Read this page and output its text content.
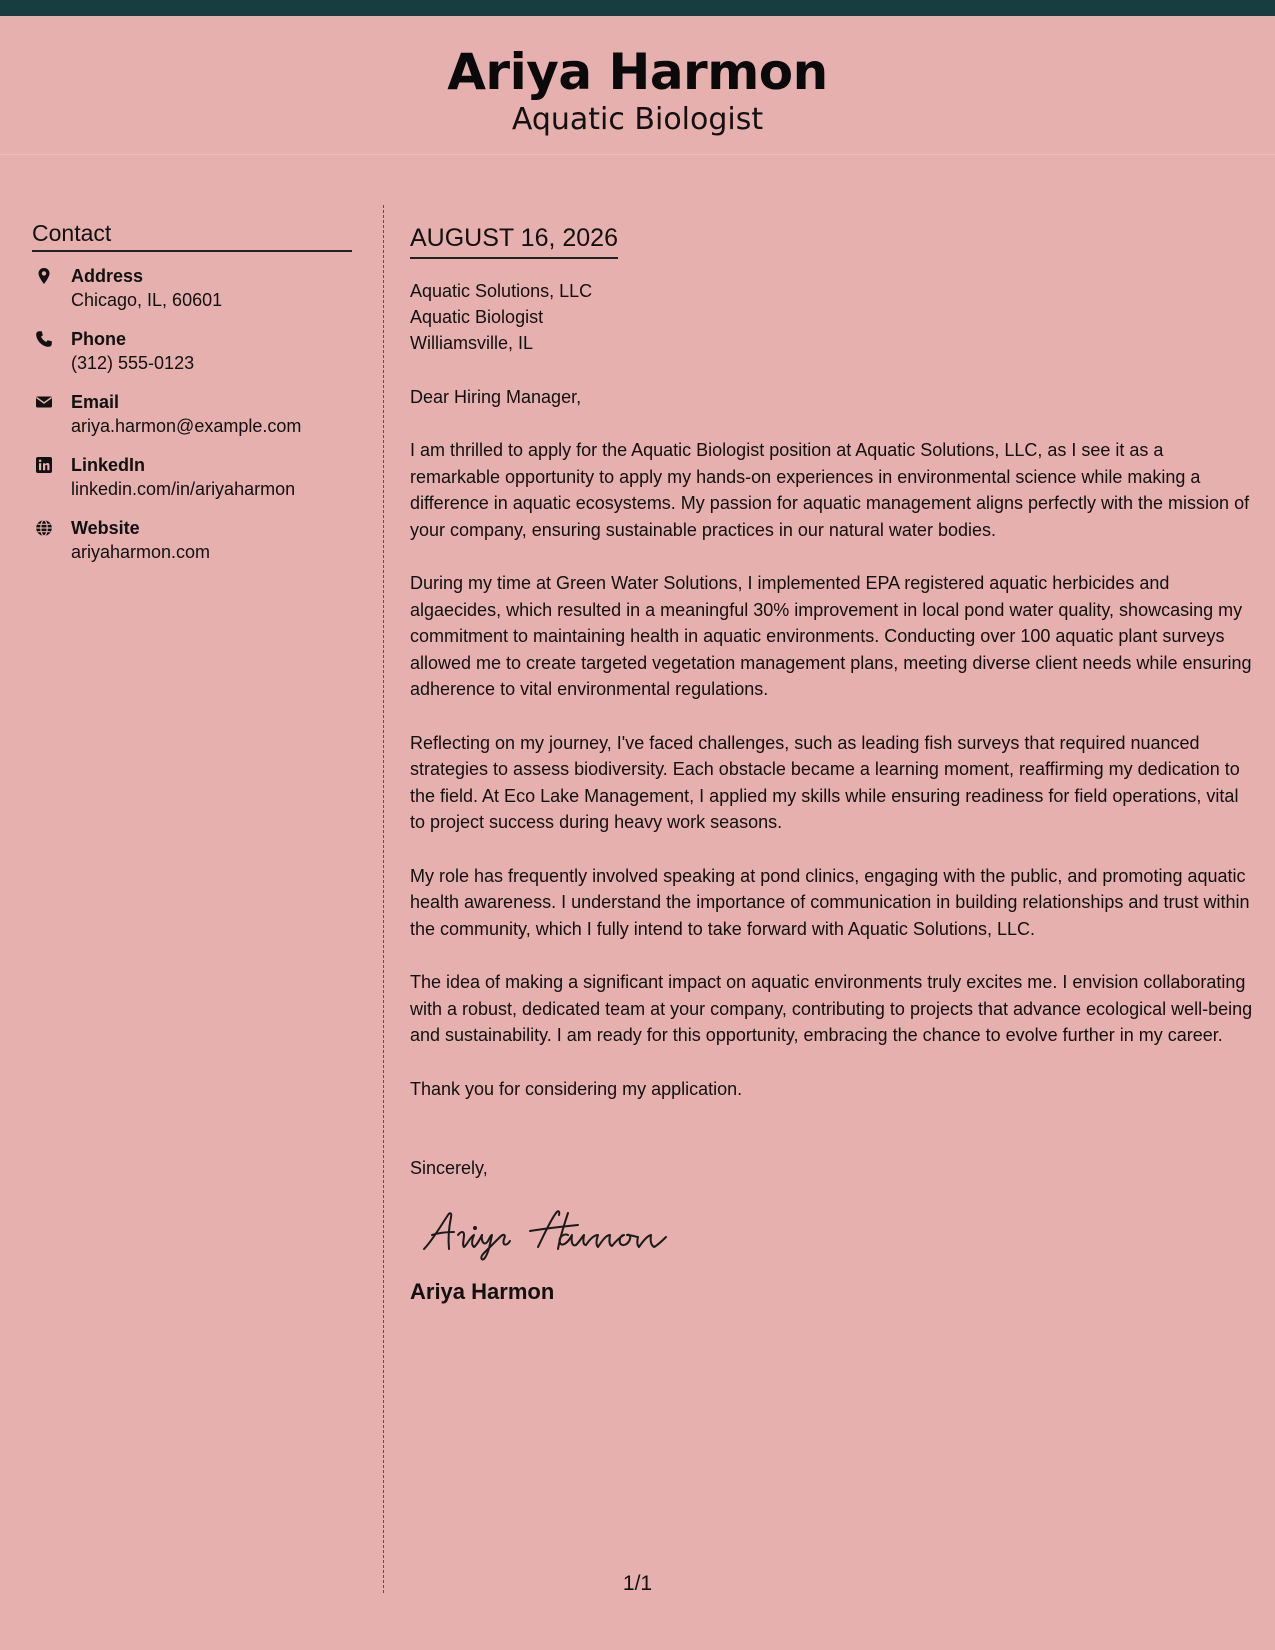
Ariya Harmon
Aquatic Biologist
Contact
Address
Chicago, IL, 60601
Phone
(312) 555-0123
Email
ariya.harmon@example.com
LinkedIn
linkedin.com/in/ariyaharmon
Website
ariyaharmon.com
AUGUST 16, 2026
Aquatic Solutions, LLC
Aquatic Biologist
Williamsville, IL
Dear Hiring Manager,
I am thrilled to apply for the Aquatic Biologist position at Aquatic Solutions, LLC, as I see it as a remarkable opportunity to apply my hands-on experiences in environmental science while making a difference in aquatic ecosystems. My passion for aquatic management aligns perfectly with the mission of your company, ensuring sustainable practices in our natural water bodies.
During my time at Green Water Solutions, I implemented EPA registered aquatic herbicides and algaecides, which resulted in a meaningful 30% improvement in local pond water quality, showcasing my commitment to maintaining health in aquatic environments. Conducting over 100 aquatic plant surveys allowed me to create targeted vegetation management plans, meeting diverse client needs while ensuring adherence to vital environmental regulations.
Reflecting on my journey, I've faced challenges, such as leading fish surveys that required nuanced strategies to assess biodiversity. Each obstacle became a learning moment, reaffirming my dedication to the field. At Eco Lake Management, I applied my skills while ensuring readiness for field operations, vital to project success during heavy work seasons.
My role has frequently involved speaking at pond clinics, engaging with the public, and promoting aquatic health awareness. I understand the importance of communication in building relationships and trust within the community, which I fully intend to take forward with Aquatic Solutions, LLC.
The idea of making a significant impact on aquatic environments truly excites me. I envision collaborating with a robust, dedicated team at your company, contributing to projects that advance ecological well-being and sustainability. I am ready for this opportunity, embracing the chance to evolve further in my career.
Thank you for considering my application.
Sincerely,
Ariya Harmon
1/1
